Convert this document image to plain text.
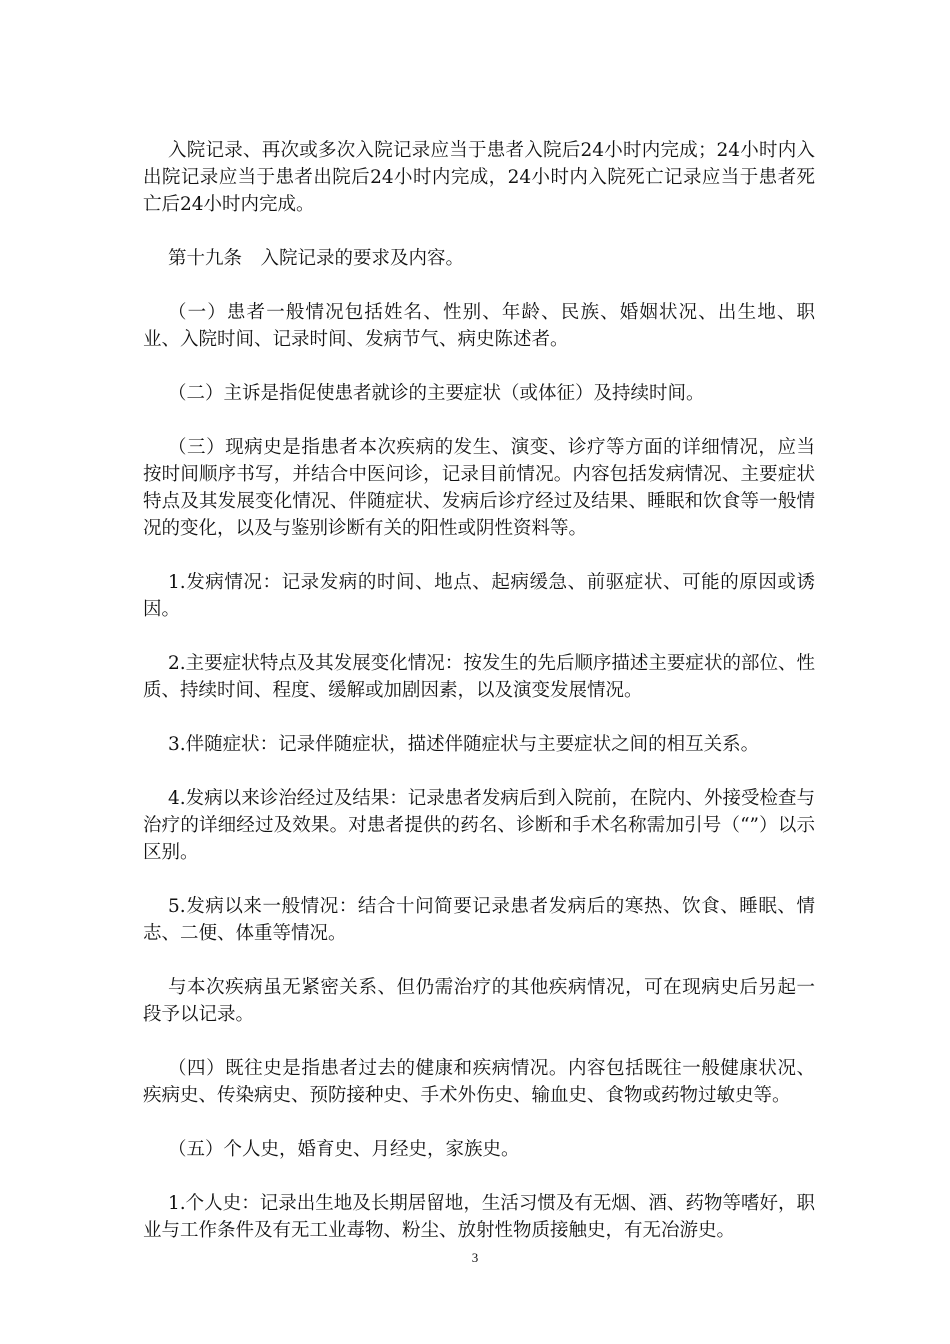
入院记录、再次或多次入院记录应当于患者入院后24小时内完成；24小时内入出院记录应当于患者出院后24小时内完成，24小时内入院死亡记录应当于患者死亡后24小时内完成。

第十九条　入院记录的要求及内容。

（一）患者一般情况包括姓名、性别、年龄、民族、婚姻状况、出生地、职业、入院时间、记录时间、发病节气、病史陈述者。

（二）主诉是指促使患者就诊的主要症状（或体征）及持续时间。

（三）现病史是指患者本次疾病的发生、演变、诊疗等方面的详细情况，应当按时间顺序书写，并结合中医问诊，记录目前情况。内容包括发病情况、主要症状特点及其发展变化情况、伴随症状、发病后诊疗经过及结果、睡眠和饮食等一般情况的变化，以及与鉴别诊断有关的阳性或阴性资料等。

1.发病情况：记录发病的时间、地点、起病缓急、前驱症状、可能的原因或诱因。

2.主要症状特点及其发展变化情况：按发生的先后顺序描述主要症状的部位、性质、持续时间、程度、缓解或加剧因素，以及演变发展情况。

3.伴随症状：记录伴随症状，描述伴随症状与主要症状之间的相互关系。

4.发病以来诊治经过及结果：记录患者发病后到入院前，在院内、外接受检查与治疗的详细经过及效果。对患者提供的药名、诊断和手术名称需加引号（“”）以示区别。

5.发病以来一般情况：结合十问简要记录患者发病后的寒热、饮食、睡眠、情志、二便、体重等情况。

与本次疾病虽无紧密关系、但仍需治疗的其他疾病情况，可在现病史后另起一段予以记录。

（四）既往史是指患者过去的健康和疾病情况。内容包括既往一般健康状况、疾病史、传染病史、预防接种史、手术外伤史、输血史、食物或药物过敏史等。

（五）个人史，婚育史、月经史，家族史。

1.个人史：记录出生地及长期居留地，生活习惯及有无烟、酒、药物等嗜好，职业与工作条件及有无工业毒物、粉尘、放射性物质接触史，有无冶游史。

3
